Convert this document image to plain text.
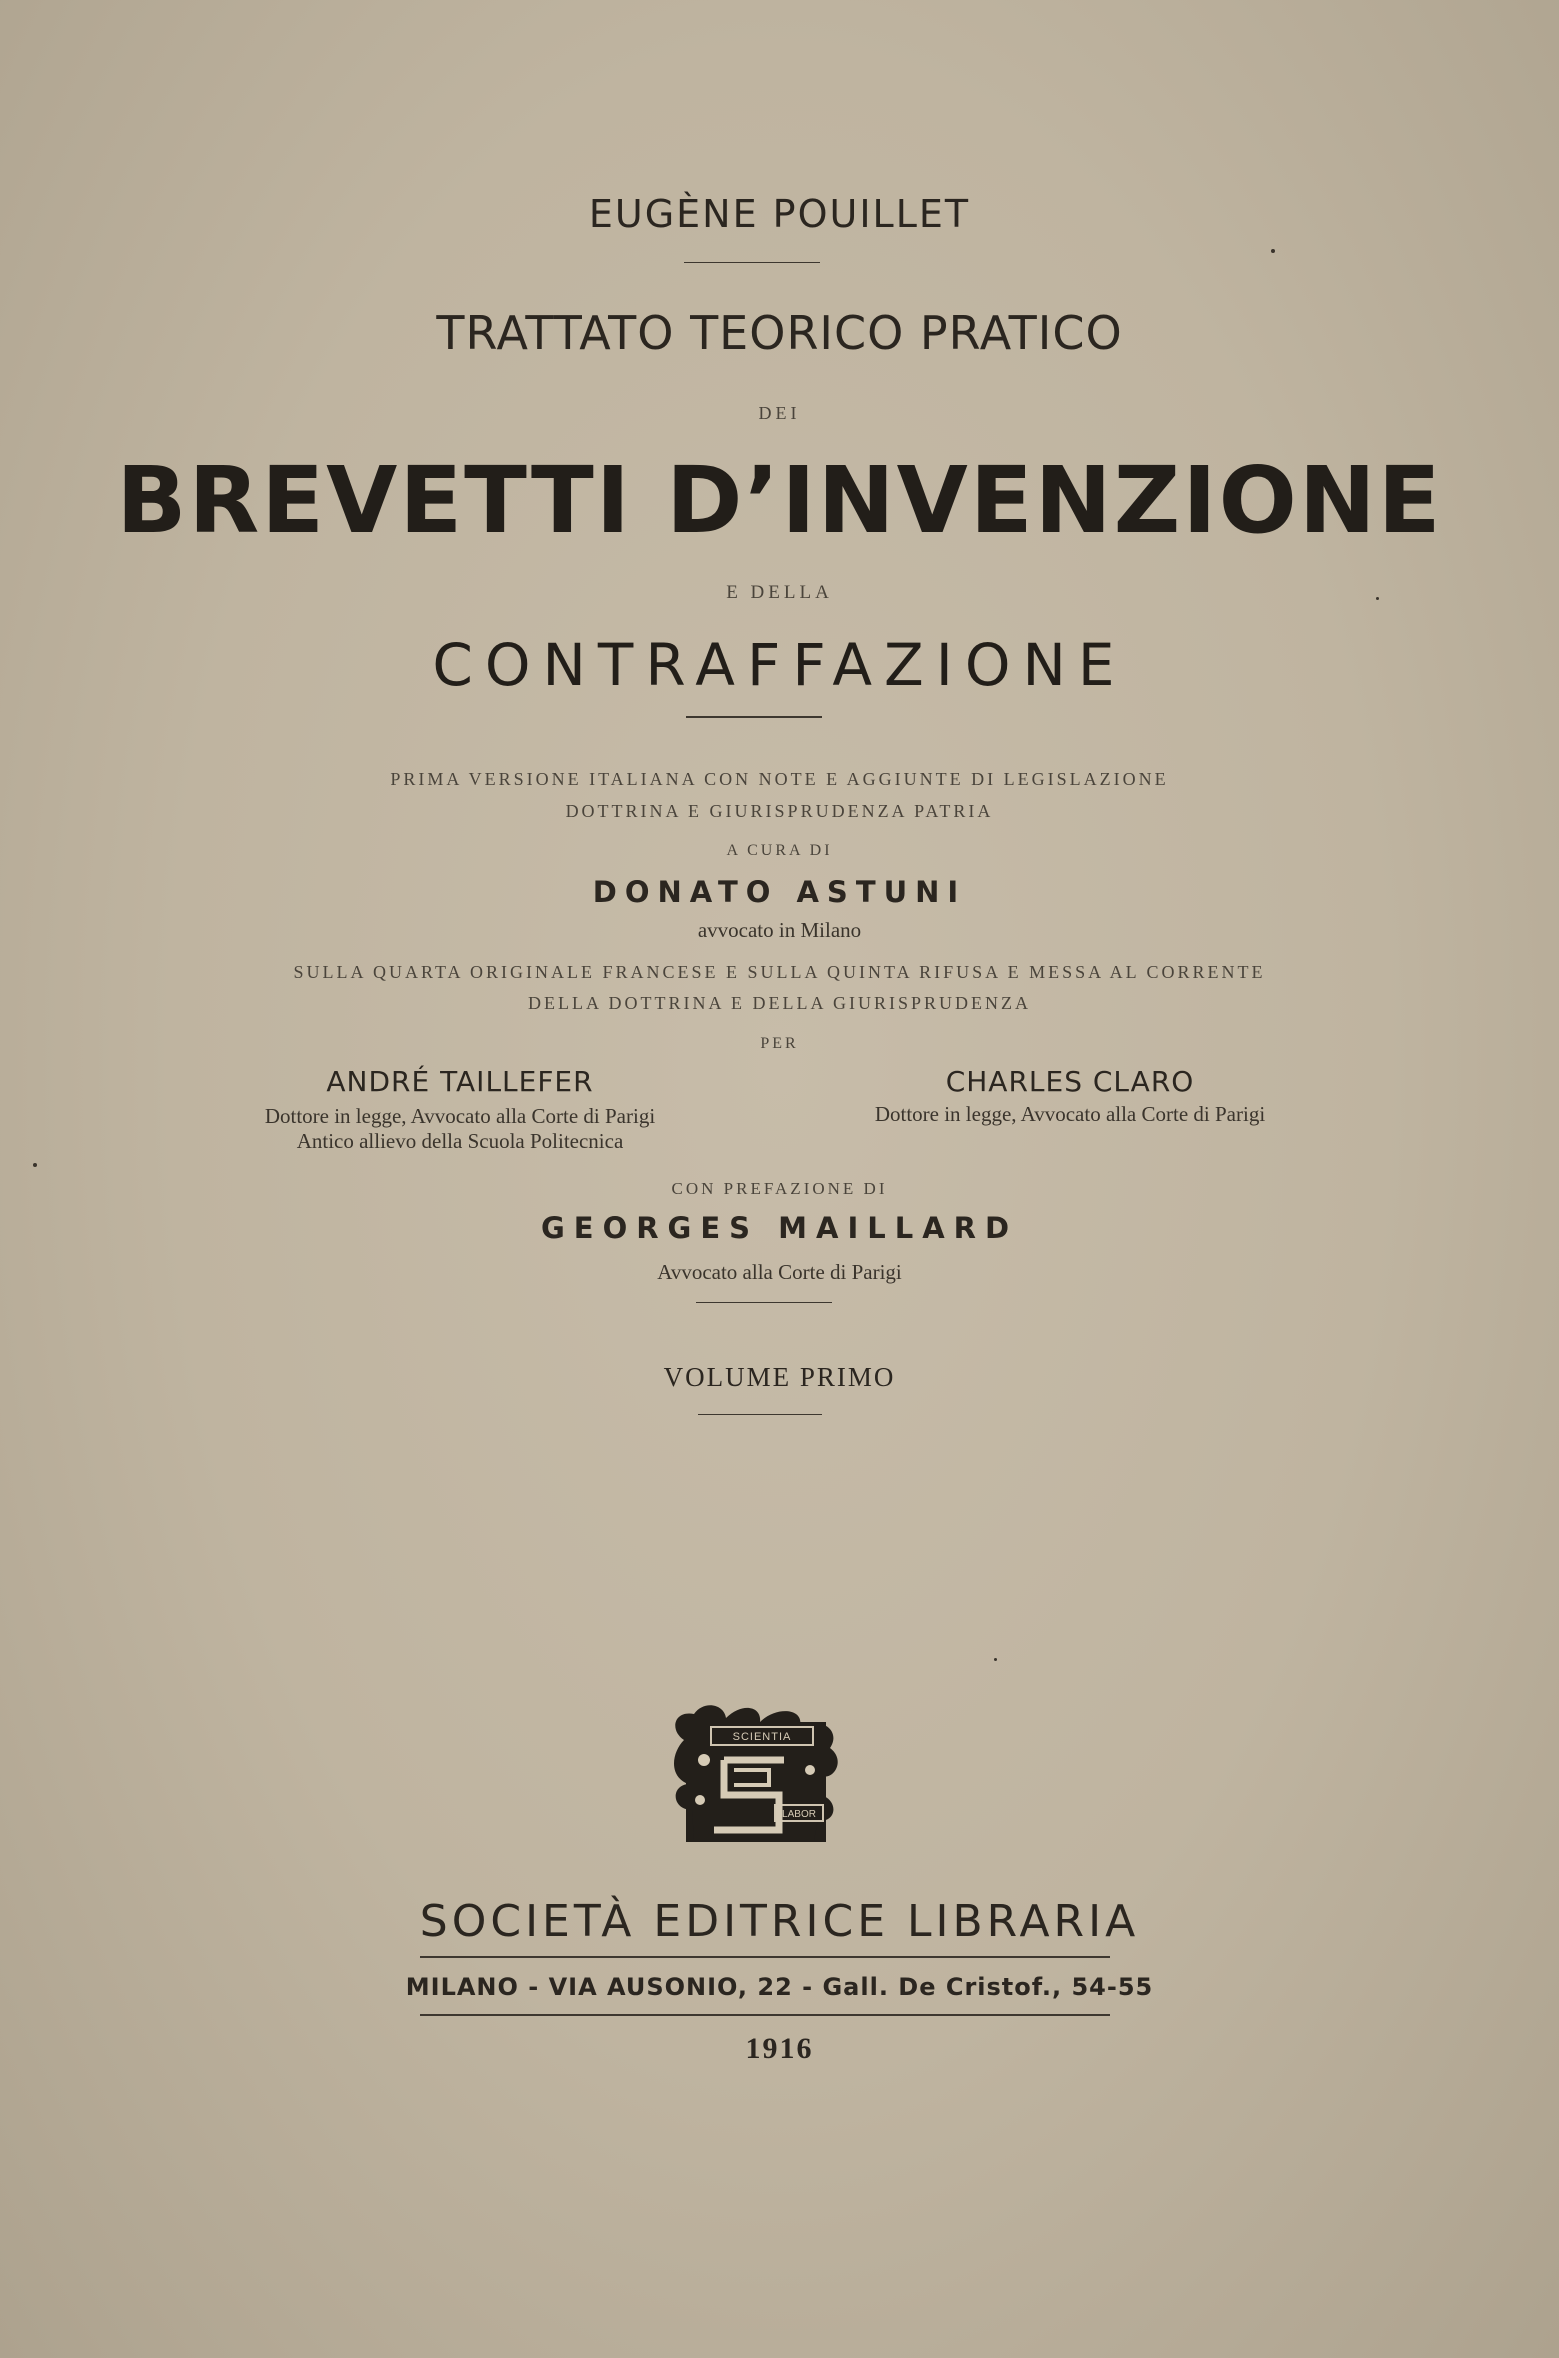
EUGÈNE POUILLET
TRATTATO TEORICO PRATICO
DEI
BREVETTI D’INVENZIONE
E DELLA
CONTRAFFAZIONE
PRIMA VERSIONE ITALIANA CON NOTE E AGGIUNTE DI LEGISLAZIONE
DOTTRINA E GIURISPRUDENZA PATRIA
A CURA DI
DONATO ASTUNI
avvocato in Milano
SULLA QUARTA ORIGINALE FRANCESE E SULLA QUINTA RIFUSA E MESSA AL CORRENTE
DELLA DOTTRINA E DELLA GIURISPRUDENZA
PER
ANDRÉ TAILLEFER
Dottore in legge, Avvocato alla Corte di Parigi
Antico allievo della Scuola Politecnica
CHARLES CLARO
Dottore in legge, Avvocato alla Corte di Parigi
CON PREFAZIONE DI
GEORGES MAILLARD
Avvocato alla Corte di Parigi
VOLUME PRIMO
SCIENTIA
LABOR
SOCIETÀ EDITRICE LIBRARIA
MILANO - VIA AUSONIO, 22 - Gall. De Cristof., 54-55
1916
